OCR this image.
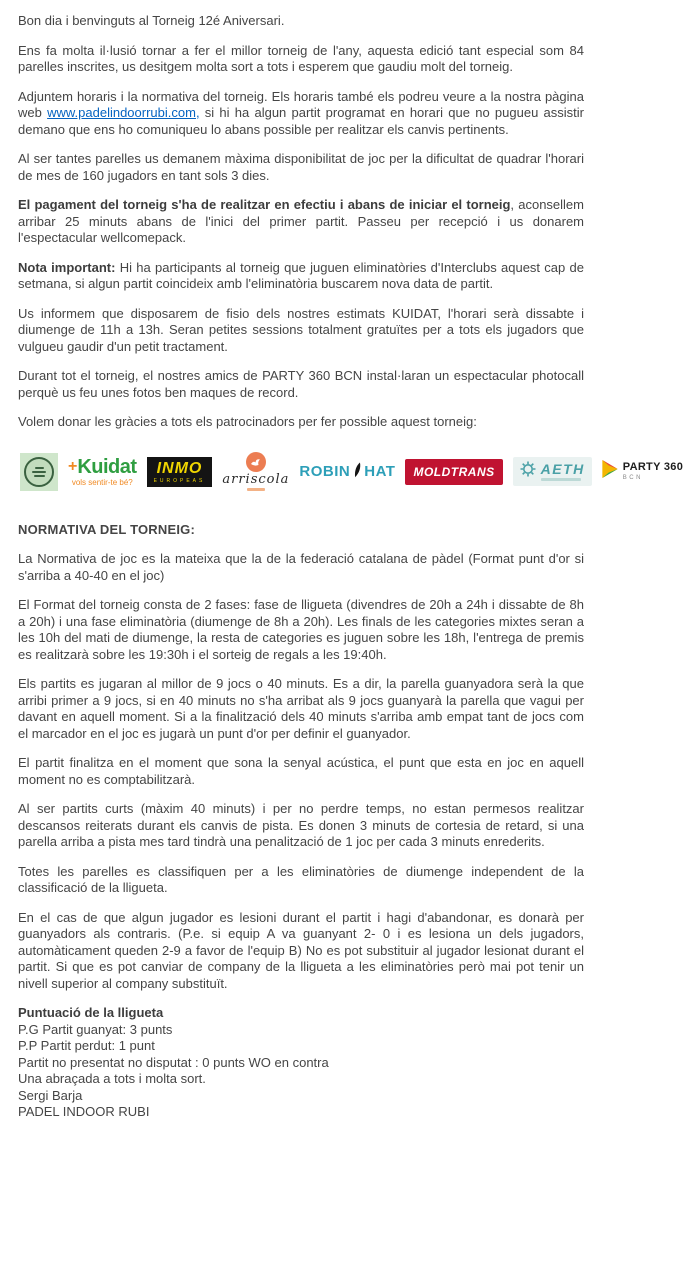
Bon dia i benvinguts al Torneig 12é Aniversari.

Ens fa molta il·lusió tornar a fer el millor torneig de l'any, aquesta edició tant especial som 84 parelles inscrites, us desitgem molta sort a tots i esperem que gaudiu molt del torneig.

Adjuntem horaris i la normativa del torneig. Els horaris també els podreu veure a la nostra pàgina web www.padelindoorrubi.com, si hi ha algun partit programat en horari que no pugueu assistir demano que ens ho comuniqueu lo abans possible per realitzar els canvis pertinents.

Al ser tantes parelles us demanem màxima disponibilitat de joc per la dificultat de quadrar l'horari de mes de 160 jugadors en tant sols 3 dies.

El pagament del torneig s'ha de realitzar en efectiu i abans de iniciar el torneig, aconsellem arribar 25 minuts abans de l'inici del primer partit. Passeu per recepció i us donarem l'espectacular wellcomepack.

Nota important: Hi ha participants al torneig que juguen eliminatòries d'Interclubs aquest cap de setmana, si algun partit coincideix amb l'eliminatòria buscarem nova data de partit.

Us informem que disposarem de fisio dels nostres estimats KUIDAT, l'horari serà dissabte i diumenge de 11h a 13h. Seran petites sessions totalment gratuïtes per a tots els jugadors que vulgueu gaudir d'un petit tractament.

Durant tot el torneig, el nostres amics de PARTY 360 BCN instal·laran un espectacular photocall perquè us feu unes fotos ben maques de record.

Volem donar les gràcies a tots els patrocinadors per fer possible aquest torneig:

+Kuidat
vols sentir-te bé?
INMO
EUROPEAS arriscola ROBIN HAT MOLDTRANS	AETH	PARTY 360
BCN
NORMATIVA DEL TORNEIG:

La Normativa de joc es la mateixa que la de la federació catalana de pàdel (Format punt d'or si s'arriba a 40-40 en el joc)

El Format del torneig consta de 2 fases: fase de lligueta (divendres de 20h a 24h i dissabte de 8h a 20h) i una fase eliminatòria (diumenge de 8h a 20h). Les finals de les categories mixtes seran a les 10h del mati de diumenge, la resta de categories es juguen sobre les 18h, l'entrega de premis es realitzarà sobre les 19:30h i el sorteig de regals a les 19:40h.

Els partits es jugaran al millor de 9 jocs o 40 minuts. Es a dir, la parella guanyadora serà la que arribi primer a 9 jocs, si en 40 minuts no s'ha arribat als 9 jocs guanyarà la parella que vagui per davant en aquell moment. Si a la finalització dels 40 minuts s'arriba amb empat tant de jocs com el marcador en el joc es jugarà un punt d'or per definir el guanyador.

El partit finalitza en el moment que sona la senyal acústica, el punt que esta en joc en aquell moment no es comptabilitzarà.

Al ser partits curts (màxim 40 minuts) i per no perdre temps, no estan permesos realitzar descansos reiterats durant els canvis de pista. Es donen 3 minuts de cortesia de retard, si una parella arriba a pista mes tard tindrà una penalització de 1 joc per cada 3 minuts enrederits.

Totes les parelles es classifiquen per a les eliminatòries de diumenge independent de la classificació de la lligueta.

En el cas de que algun jugador es lesioni durant el partit i hagi d'abandonar, es donarà per guanyadors als contraris. (P.e. si equip A va guanyant 2- 0 i es lesiona un dels jugadors, automàticament queden 2-9 a favor de l'equip B) No es pot substituir al jugador lesionat durant el partit. Si que es pot canviar de company de la lligueta a les eliminatòries però mai pot tenir un nivell superior al company substituït.

Puntuació de la lligueta

P.G Partit guanyat: 3 punts

P.P Partit perdut: 1 punt

Partit no presentat no disputat : 0 punts WO en contra

Una abraçada a tots i molta sort.

Sergi Barja

PADEL INDOOR RUBI
